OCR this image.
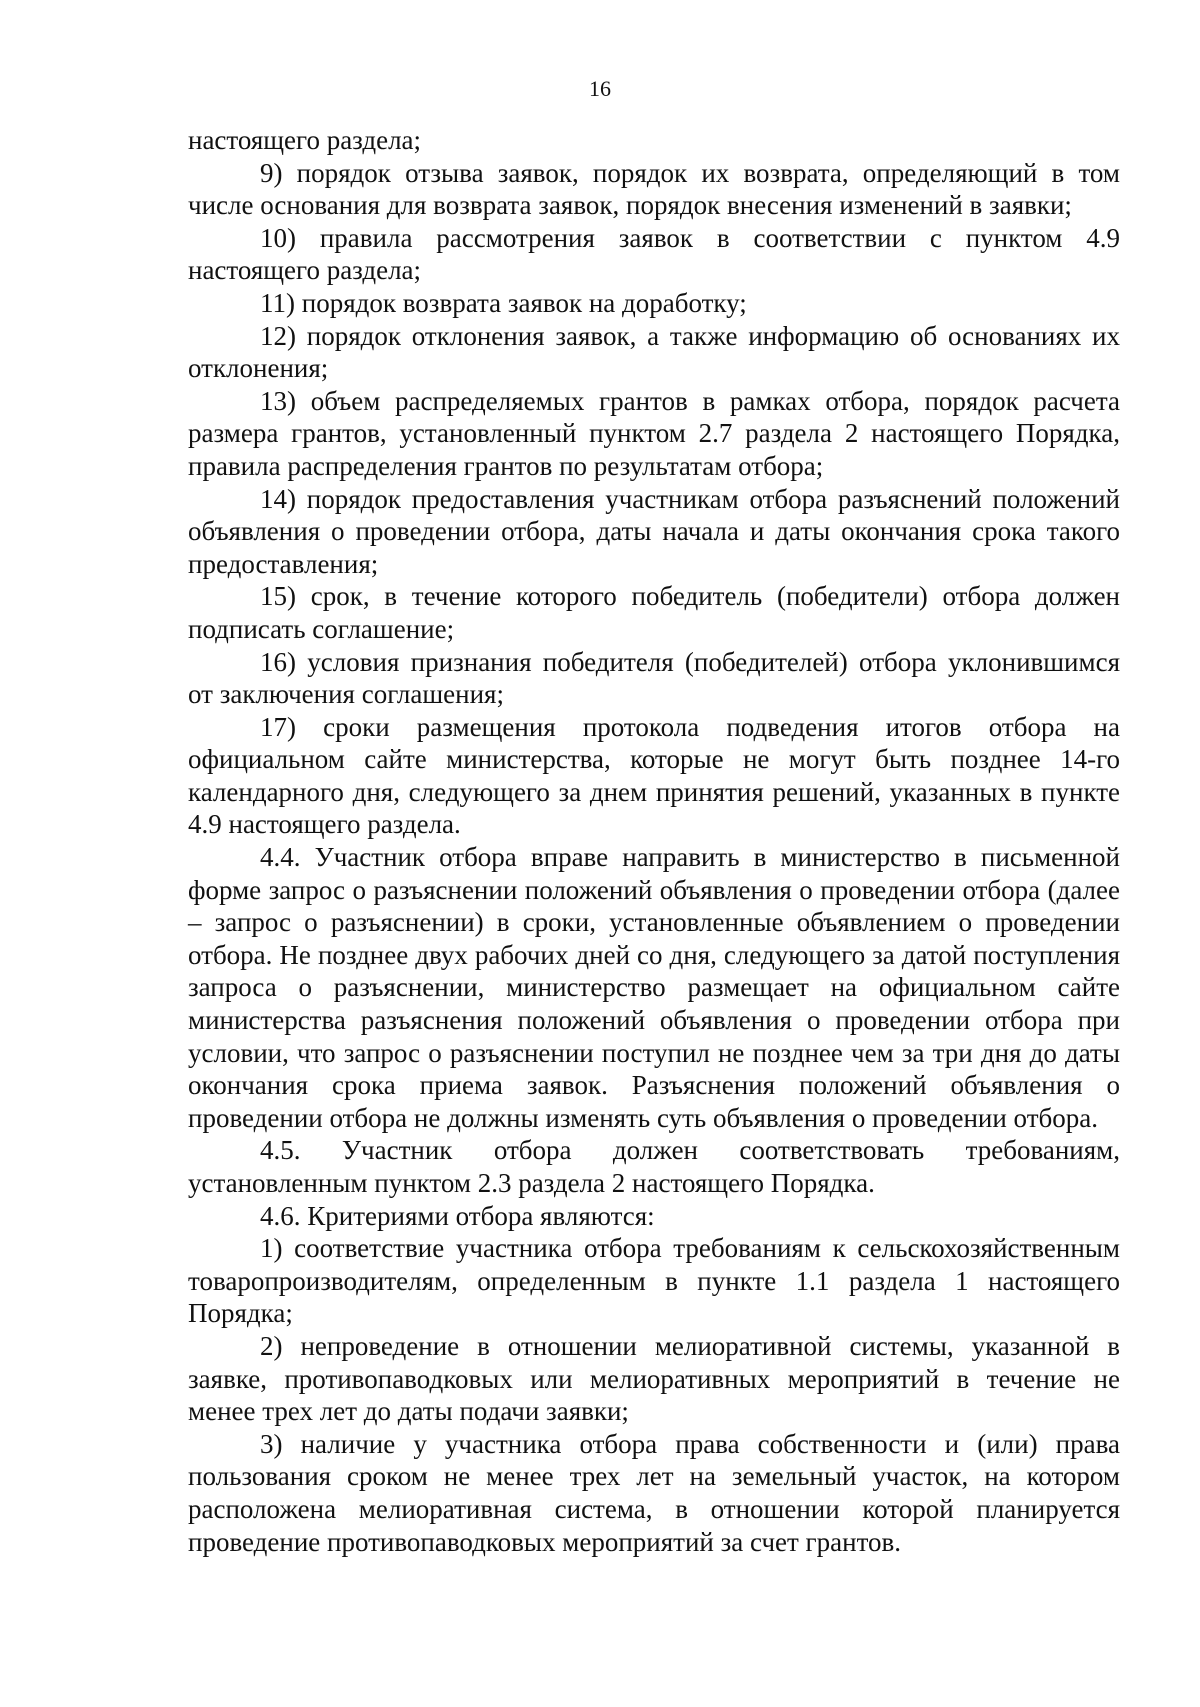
16

настоящего раздела;

9) порядок отзыва заявок, порядок их возврата, определяющий в том числе основания для возврата заявок, порядок внесения изменений в заявки;

10) правила рассмотрения заявок в соответствии с пунктом 4.9 настоящего раздела;

11) порядок возврата заявок на доработку;

12) порядок отклонения заявок, а также информацию об основаниях их отклонения;

13) объем распределяемых грантов в рамках отбора, порядок расчета размера грантов, установленный пунктом 2.7 раздела 2 настоящего Порядка, правила распределения грантов по результатам отбора;

14) порядок предоставления участникам отбора разъяснений положений объявления о проведении отбора, даты начала и даты окончания срока такого предоставления;

15) срок, в течение которого победитель (победители) отбора должен подписать соглашение;

16) условия признания победителя (победителей) отбора уклонившимся от заключения соглашения;

17) сроки размещения протокола подведения итогов отбора на официальном сайте министерства, которые не могут быть позднее 14-го календарного дня, следующего за днем принятия решений, указанных в пункте 4.9 настоящего раздела.

4.4. Участник отбора вправе направить в министерство в письменной форме запрос о разъяснении положений объявления о проведении отбора (далее – запрос о разъяснении) в сроки, установленные объявлением о проведении отбора. Не позднее двух рабочих дней со дня, следующего за датой поступления запроса о разъяснении, министерство размещает на официальном сайте министерства разъяснения положений объявления о проведении отбора при условии, что запрос о разъяснении поступил не позднее чем за три дня до даты окончания срока приема заявок. Разъяснения положений объявления о проведении отбора не должны изменять суть объявления о проведении отбора.

4.5. Участник отбора должен соответствовать требованиям, установленным пунктом 2.3 раздела 2 настоящего Порядка.

4.6. Критериями отбора являются:

1) соответствие участника отбора требованиям к сельскохозяйственным товаропроизводителям, определенным в пункте 1.1 раздела 1 настоящего Порядка;

2) непроведение в отношении мелиоративной системы, указанной в заявке, противопаводковых или мелиоративных мероприятий в течение не менее трех лет до даты подачи заявки;

3) наличие у участника отбора права собственности и (или) права пользования сроком не менее трех лет на земельный участок, на котором расположена мелиоративная система, в отношении которой планируется проведение противопаводковых мероприятий за счет грантов.
